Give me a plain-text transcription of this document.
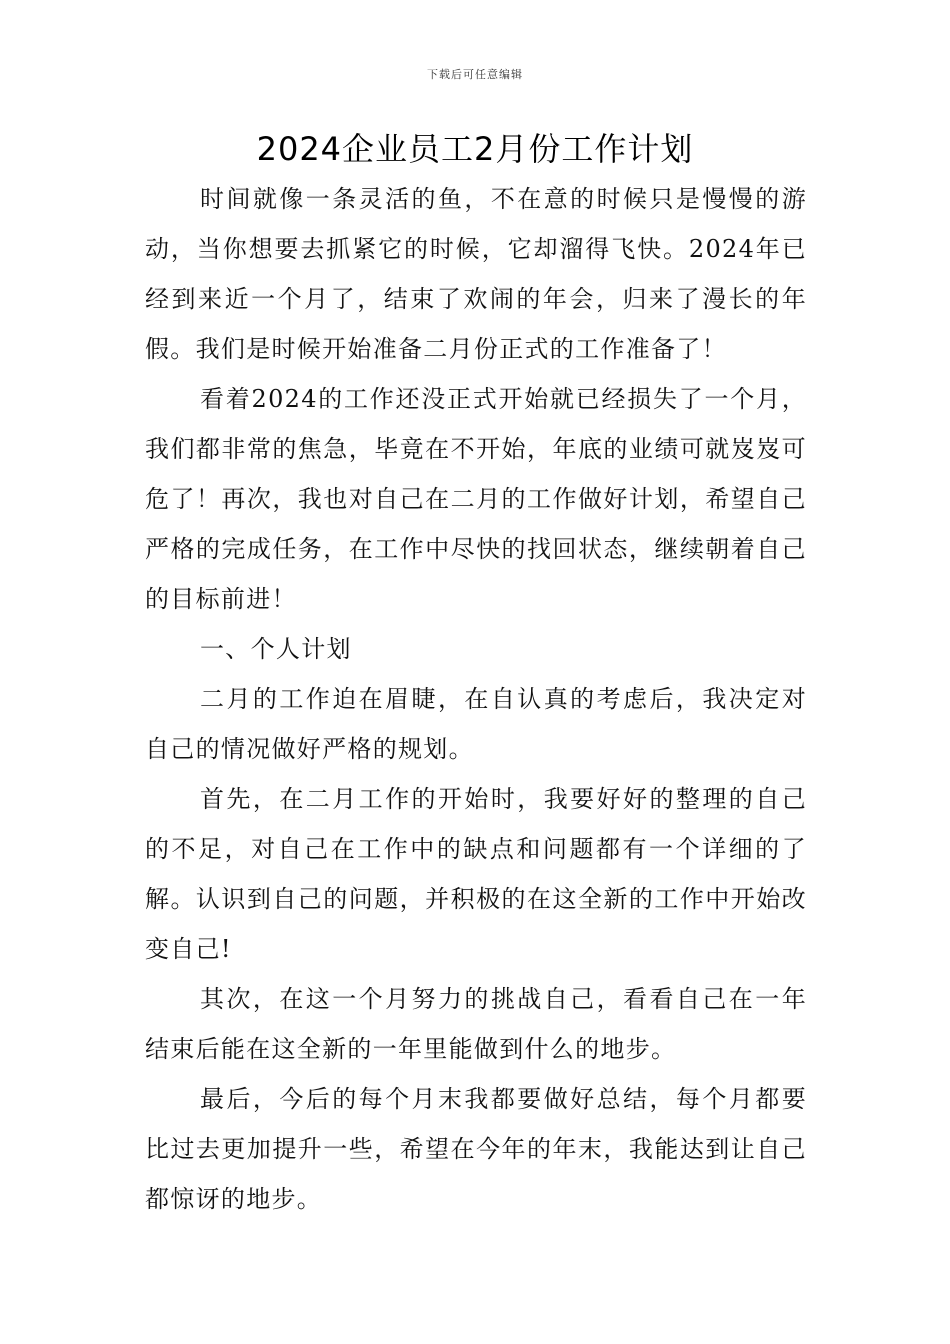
下载后可任意编辑
2024企业员工2月份工作计划

时间就像一条灵活的鱼，不在意的时候只是慢慢的游动，当你想要去抓紧它的时候，它却溜得飞快。2024年已经到来近一个月了，结束了欢闹的年会，归来了漫长的年假。我们是时候开始准备二月份正式的工作准备了！

看着2024的工作还没正式开始就已经损失了一个月，我们都非常的焦急，毕竟在不开始，年底的业绩可就岌岌可危了！再次，我也对自己在二月的工作做好计划，希望自己严格的完成任务，在工作中尽快的找回状态，继续朝着自己的目标前进！

一、个人计划

二月的工作迫在眉睫，在自认真的考虑后，我决定对自己的情况做好严格的规划。

首先，在二月工作的开始时，我要好好的整理的自己的不足，对自己在工作中的缺点和问题都有一个详细的了解。认识到自己的问题，并积极的在这全新的工作中开始改变自己!

其次，在这一个月努力的挑战自己，看看自己在一年结束后能在这全新的一年里能做到什么的地步。

最后，今后的每个月末我都要做好总结，每个月都要比过去更加提升一些，希望在今年的年末，我能达到让自己都惊讶的地步。
